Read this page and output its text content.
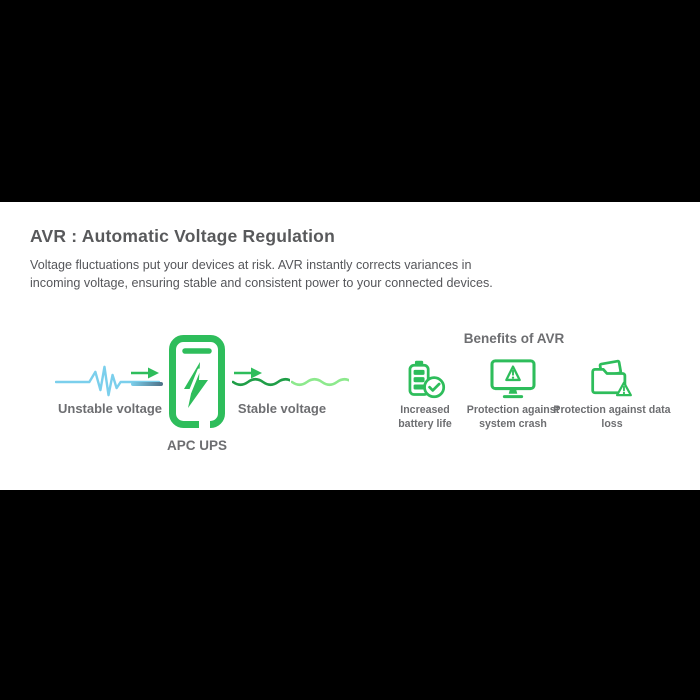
AVR : Automatic Voltage Regulation

Voltage fluctuations put your devices at risk. AVR instantly corrects variances in incoming voltage, ensuring stable and consistent power to your connected devices.

Unstable voltage	Stable voltage
APC UPS
Benefits of AVR
Increased battery life
Protection against system crash
Protection against data loss
